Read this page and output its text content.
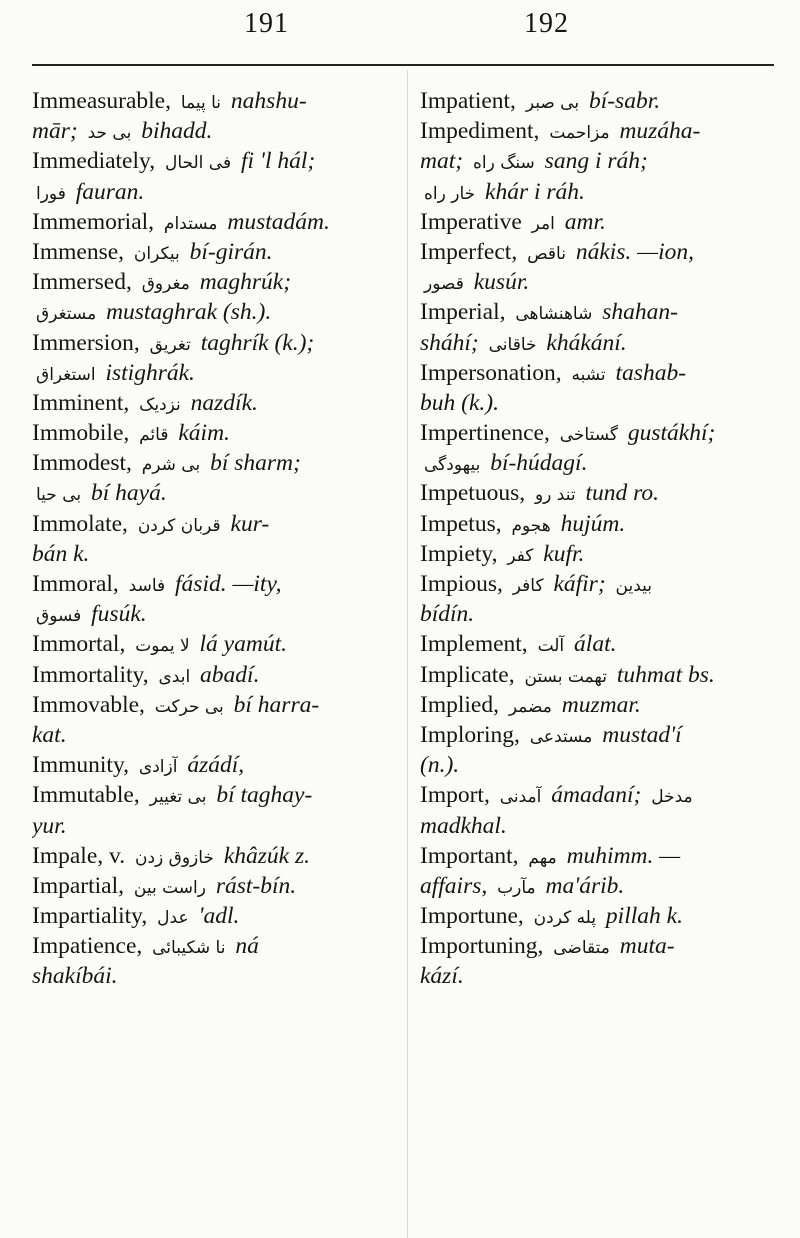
191	192
Immeasurable, نا پیما nahshu-
mār; بی حد bihadd.
Immediately, فی الحال fi 'l hál;
فورا fauran.
Immemorial, مستدام mustadám.
Immense, بیکران bí-girán.
Immersed, مغروق maghrúk;
مستغرق mustaghrak (sh.).
Immersion, تغریق taghrík (k.);
استغراق istighrák.
Imminent, نزدیک nazdík.
Immobile, قائم káim.
Immodest, بی شرم bí sharm;
بی حیا bí hayá.
Immolate, قربان کردن kur-
bán k.
Immoral, فاسد fásid. —ity,
فسوق fusúk.
Immortal, لا یموت lá yamút.
Immortality, ابدی abadí.
Immovable, بی حرکت bí harra-
kat.
Immunity, آزادی ázádí,
Immutable, بی تغییر bí taghay-
yur.
Impale, v. خازوق زدن khâzúk z.
Impartial, راست بین rást-bín.
Impartiality, عدل 'adl.
Impatience, نا شکیبائی ná
shakíbái.
Impatient, بی صبر bí-sabr.
Impediment, مزاحمت muzáha-
mat; سنگ راه sang i ráh;
خار راه khár i ráh.
Imperative امر amr.
Imperfect, ناقص nákis. —ion,
قصور kusúr.
Imperial, شاهنشاهی shahan-
sháhí; خاقانی khákání.
Impersonation, تشبه tashab-
buh (k.).
Impertinence, گستاخی gustákhí;
بیهودگی bí-húdagí.
Impetuous, تند رو tund ro.
Impetus, هجوم hujúm.
Impiety, کفر kufr.
Impious, کافر káfir; بیدین
bídín.
Implement, آلت álat.
Implicate, تهمت بستن tuhmat bs.
Implied, مضمر muzmar.
Imploring, مستدعی mustad'í
(n.).
Import, آمدنی ámadaní; مدخل
madkhal.
Important, مهم muhimm. —
affairs, مآرب ma'árib.
Importune, پله کردن pillah k.
Importuning, متقاضی muta-
kází.
